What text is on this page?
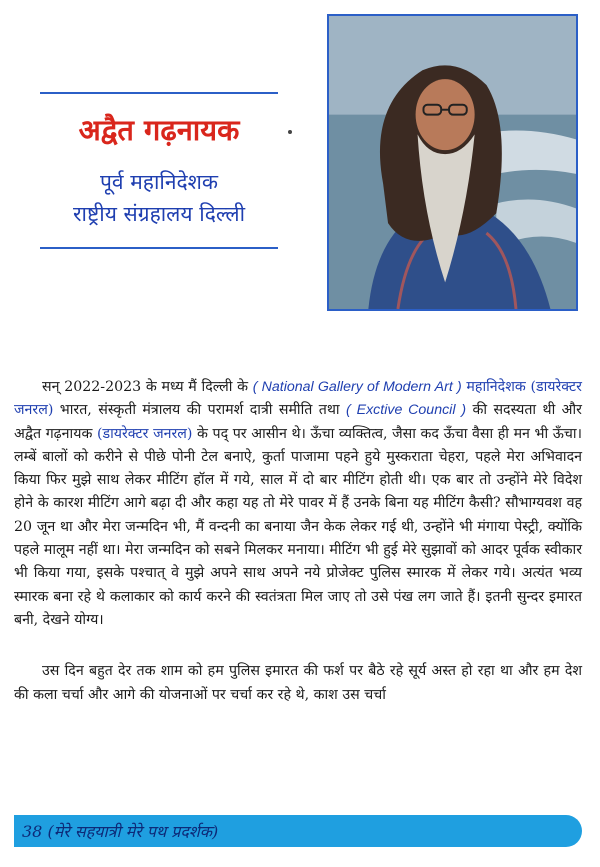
अद्वैत गढ़नायक
पूर्व महानिदेशक
राष्ट्रीय संग्रहालय दिल्ली

सन् 2022-2023 के मध्य मैं दिल्ली के ( National Gallery of Modern Art ) महानिदेशक (डायरेक्टर जनरल) भारत, संस्कृती मंत्रालय की परामर्श दात्री समीति तथा ( Exctive Council ) की सदस्यता थी और अद्वैत गढ़नायक (डायरेक्टर जनरल) के पद् पर आसीन थे। ऊँचा व्यक्तित्व, जैसा कद ऊँचा वैसा ही मन भी ऊँचा। लम्बें बालों को करीने से पीछे पोनी टेल बनाऐ, कुर्ता पाजामा पहने हुये मुस्कराता चेहरा, पहले मेरा अभिवादन किया फिर मुझे साथ लेकर मीटिंग हॉल में गये, साल में दो बार मीटिंग होती थी। एक बार तो उन्होंने मेरे विदेश होने के कारश मीटिंग आगे बढ़ा दी और कहा यह तो मेरे पावर में हैं उनके बिना यह मीटिंग कैसी? सौभाग्यवश वह 20 जून था और मेरा जन्मदिन भी, मैं वन्दनी का बनाया जैन केक लेकर गई थी, उन्होंने भी मंगाया पेस्ट्री, क्योंकि पहले मालूम नहीं था। मेरा जन्मदिन को सबने मिलकर मनाया। मीटिंग भी हुई मेरे सुझावों को आदर पूर्वक स्वीकार भी किया गया, इसके पश्चात् वे मुझे अपने साथ अपने नये प्रोजेक्ट पुलिस स्मारक में लेकर गये। अत्यंत भव्य स्मारक बना रहे थे कलाकार को कार्य करने की स्वतंत्रता मिल जाए तो उसे पंख लग जाते हैं। इतनी सुन्दर इमारत बनी, देखने योग्य।

उस दिन बहुत देर तक शाम को हम पुलिस इमारत की फर्श पर बैठे रहे सूर्य अस्त हो रहा था और हम देश की कला चर्चा और आगे की योजनाओं पर चर्चा कर रहे थे, काश उस चर्चा

38 (मेरे सहयात्री मेरे पथ प्रदर्शक)
